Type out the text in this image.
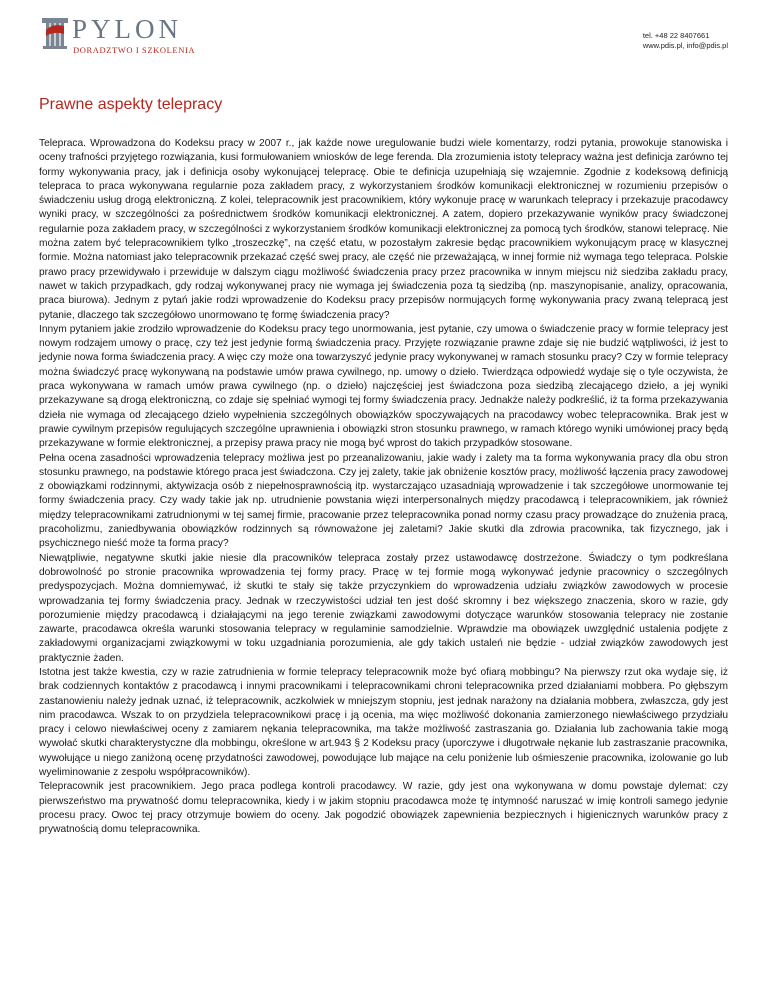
PYLON
DORADZTWO I SZKOLENIA
tel. +48 22 8407661
www.pdis.pl, info@pdis.pl
Prawne aspekty telepracy

Telepraca. Wprowadzona do Kodeksu pracy w 2007 r., jak każde nowe uregulowanie budzi wiele komentarzy, rodzi pytania, prowokuje stanowiska i oceny trafności przyjętego rozwiązania, kusi formułowaniem wniosków de lege ferenda. Dla zrozumienia istoty telepracy ważna jest definicja zarówno tej formy wykonywania pracy, jak i definicja osoby wykonującej telepracę. Obie te definicja uzupełniają się wzajemnie. Zgodnie z kodeksową definicją telepraca to praca wykonywana regularnie poza zakładem pracy, z wykorzystaniem środków komunikacji elektronicznej w rozumieniu przepisów o świadczeniu usług drogą elektroniczną. Z kolei, telepracownik jest pracownikiem, który wykonuje pracę w warunkach telepracy i przekazuje pracodawcy wyniki pracy, w szczególności za pośrednictwem środków komunikacji elektronicznej. A zatem, dopiero przekazywanie wyników pracy świadczonej regularnie poza zakładem pracy, w szczególności z wykorzystaniem środków komunikacji elektronicznej za pomocą tych środków, stanowi telepracę. Nie można zatem być telepracownikiem tylko „troszeczkę”, na część etatu, w pozostałym zakresie będąc pracownikiem wykonującym pracę w klasycznej formie. Można natomiast jako telepracownik przekazać część swej pracy, ale część nie przeważającą, w innej formie niż wymaga tego telepraca. Polskie prawo pracy przewidywało i przewiduje w dalszym ciągu możliwość świadczenia pracy przez pracownika w innym miejscu niż siedziba zakładu pracy, nawet w takich przypadkach, gdy rodzaj wykonywanej pracy nie wymaga jej świadczenia poza tą siedzibą (np. maszynopisanie, analizy, opracowania, praca biurowa). Jednym z pytań jakie rodzi wprowadzenie do Kodeksu pracy przepisów normujących formę wykonywania pracy zwaną telepracą jest pytanie, dlaczego tak szczegółowo unormowano tę formę świadczenia pracy?

Innym pytaniem jakie zrodziło wprowadzenie do Kodeksu pracy tego unormowania, jest pytanie, czy umowa o świadczenie pracy w formie telepracy jest nowym rodzajem umowy o pracę, czy też jest jedynie formą świadczenia pracy. Przyjęte rozwiązanie prawne zdaje się nie budzić wątpliwości, iż jest to jedynie nowa forma świadczenia pracy. A więc czy może ona towarzyszyć jedynie pracy wykonywanej w ramach stosunku pracy? Czy w formie telepracy można świadczyć pracę wykonywaną na podstawie umów prawa cywilnego, np. umowy o dzieło. Twierdząca odpowiedź wydaje się o tyle oczywista, że praca wykonywana w ramach umów prawa cywilnego (np. o dzieło) najczęściej jest świadczona poza siedzibą zlecającego dzieło, a jej wyniki przekazywane są drogą elektroniczną, co zdaje się spełniać wymogi tej formy świadczenia pracy. Jednakże należy podkreślić, iż ta forma przekazywania dzieła nie wymaga od zlecającego dzieło wypełnienia szczególnych obowiązków spoczywających na pracodawcy wobec telepracownika. Brak jest w prawie cywilnym przepisów regulujących szczególne uprawnienia i obowiązki stron stosunku prawnego, w ramach którego wyniki umówionej pracy będą przekazywane w formie elektronicznej, a przepisy prawa pracy nie mogą być wprost do takich przypadków stosowane.

Pełna ocena zasadności wprowadzenia telepracy możliwa jest po przeanalizowaniu, jakie wady i zalety ma ta forma wykonywania pracy dla obu stron stosunku prawnego, na podstawie którego praca jest świadczona. Czy jej zalety, takie jak obniżenie kosztów pracy, możliwość łączenia pracy zawodowej z obowiązkami rodzinnymi, aktywizacja osób z niepełnosprawnością itp. wystarczająco uzasadniają wprowadzenie i tak szczegółowe unormowanie tej formy świadczenia pracy. Czy wady takie jak np. utrudnienie powstania więzi interpersonalnych między pracodawcą i telepracownikiem, jak również między telepracownikami zatrudnionymi w tej samej firmie, pracowanie przez telepracownika ponad normy czasu pracy prowadzące do znużenia pracą, pracoholizmu, zaniedbywania obowiązków rodzinnych są równoważone jej zaletami? Jakie skutki dla zdrowia pracownika, tak fizycznego, jak i psychicznego nieść może ta forma pracy?

Niewątpliwie, negatywne skutki jakie niesie dla pracowników telepraca zostały przez ustawodawcę dostrzeżone. Świadczy o tym podkreślana dobrowolność po stronie pracownika wprowadzenia tej formy pracy. Pracę w tej formie mogą wykonywać jedynie pracownicy o szczególnych predyspozycjach. Można domniemywać, iż skutki te stały się także przyczynkiem do wprowadzenia udziału związków zawodowych w procesie wprowadzania tej formy świadczenia pracy. Jednak w rzeczywistości udział ten jest dość skromny i bez większego znaczenia, skoro w razie, gdy porozumienie między pracodawcą i działającymi na jego terenie związkami zawodowymi dotyczące warunków stosowania telepracy nie zostanie zawarte, pracodawca określa warunki stosowania telepracy w regulaminie samodzielnie. Wprawdzie ma obowiązek uwzględnić ustalenia podjęte z zakładowymi organizacjami związkowymi w toku uzgadniania porozumienia, ale gdy takich ustaleń nie będzie - udział związków zawodowych jest praktycznie żaden.

Istotna jest także kwestia, czy w razie zatrudnienia w formie telepracy telepracownik może być ofiarą mobbingu? Na pierwszy rzut oka wydaje się, iż brak codziennych kontaktów z pracodawcą i innymi pracownikami i telepracownikami chroni telepracownika przed działaniami mobbera. Po głębszym zastanowieniu należy jednak uznać, iż telepracownik, aczkolwiek w mniejszym stopniu, jest jednak narażony na działania mobbera, zwłaszcza, gdy jest nim pracodawca. Wszak to on przydziela telepracownikowi pracę i ją ocenia, ma więc możliwość dokonania zamierzonego niewłaściwego przydziału pracy i celowo niewłaściwej oceny z zamiarem nękania telepracownika, ma także możliwość zastraszania go. Działania lub zachowania takie mogą wywołać skutki charakterystyczne dla mobbingu, określone w art.943 § 2 Kodeksu pracy (uporczywe i długotrwałe nękanie lub zastraszanie pracownika, wywołujące u niego zaniżoną ocenę przydatności zawodowej, powodujące lub mające na celu poniżenie lub ośmieszenie pracownika, izolowanie go lub wyeliminowanie z zespołu współpracowników).

Telepracownik jest pracownikiem. Jego praca podlega kontroli pracodawcy. W razie, gdy jest ona wykonywana w domu powstaje dylemat: czy pierwszeństwo ma prywatność domu telepracownika, kiedy i w jakim stopniu pracodawca może tę intymność naruszać w imię kontroli samego jedynie procesu pracy. Owoc tej pracy otrzymuje bowiem do oceny. Jak pogodzić obowiązek zapewnienia bezpiecznych i higienicznych warunków pracy z prywatnością domu telepracownika.
